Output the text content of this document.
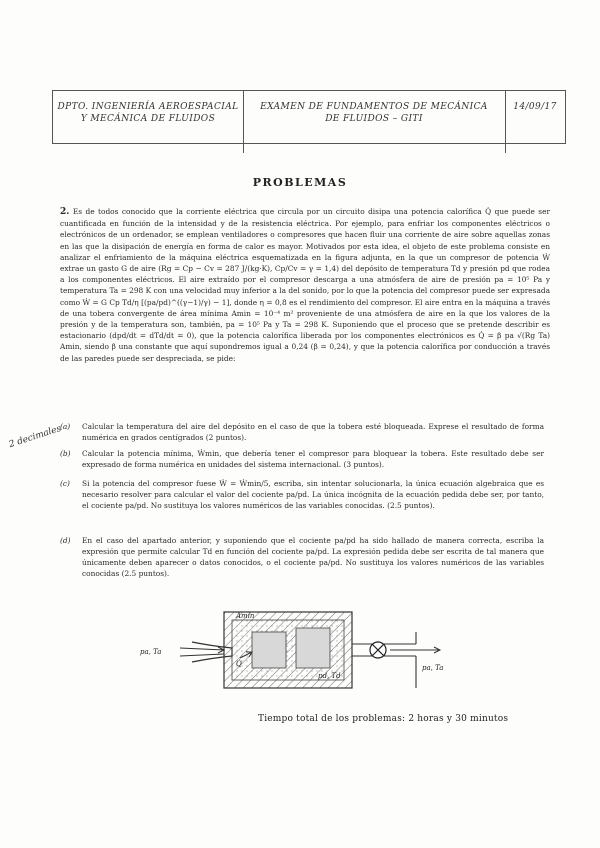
DPTO. INGENIERÍA AEROESPACIAL
Y MECÁNICA DE FLUIDOS
EXAMEN DE FUNDAMENTOS DE MECÁNICA
DE FLUIDOS – GITI
14/09/17
PROBLEMAS
2. Es de todos conocido que la corriente eléctrica que circula por un circuito disipa una potencia calorífica Q̇ que puede ser cuantificada en función de la intensidad y de la resistencia eléctrica. Por ejemplo, para enfriar los componentes eléctricos o electrónicos de un ordenador, se emplean ventiladores o compresores que hacen fluir una corriente de aire sobre aquellas zonas en las que la disipación de energía en forma de calor es mayor. Motivados por esta idea, el objeto de este problema consiste en analizar el enfriamiento de la máquina eléctrica esquematizada en la figura adjunta, en la que un compresor de potencia Ẇ extrae un gasto G de aire (Rg = Cp − Cv = 287 J/(kg·K), Cp/Cv = γ = 1,4) del depósito de temperatura Td y presión pd que rodea a los componentes eléctricos. El aire extraído por el compresor descarga a una atmósfera de aire de presión pa = 10⁵ Pa y temperatura Ta = 298 K con una velocidad muy inferior a la del sonido, por lo que la potencia del compresor puede ser expresada como Ẇ = G Cp Td/η [(pa/pd)^((γ−1)/γ) − 1], donde η = 0,8 es el rendimiento del compresor. El aire entra en la máquina a través de una tobera convergente de área mínima Amin = 10⁻⁴ m² proveniente de una atmósfera de aire en la que los valores de la presión y de la temperatura son, también, pa = 10⁵ Pa y Ta = 298 K. Suponiendo que el proceso que se pretende describir es estacionario (dpd/dt = dTd/dt = 0), que la potencia calorífica liberada por los componentes electrónicos es Q̇ = β pa √(Rg Ta) Amin, siendo β una constante que aquí supondremos igual a 0,24 (β = 0,24), y que la potencia calorífica por conducción a través de las paredes puede ser despreciada, se pide:
2 decimales
(a)	Calcular la temperatura del aire del depósito en el caso de que la tobera esté bloqueada. Exprese el resultado de forma numérica en grados centígrados (2 puntos).
(b)	Calcular la potencia mínima, Ẇmin, que debería tener el compresor para bloquear la tobera. Este resultado debe ser expresado de forma numérica en unidades del sistema internacional. (3 puntos).
(c)	Si la potencia del compresor fuese Ẇ = Ẇmin/5, escriba, sin intentar solucionarla, la única ecuación algebraica que es necesario resolver para calcular el valor del cociente pa/pd. La única incógnita de la ecuación pedida debe ser, por tanto, el cociente pa/pd. No sustituya los valores numéricos de las variables conocidas. (2.5 puntos).
(d)	En el caso del apartado anterior, y suponiendo que el cociente pa/pd ha sido hallado de manera correcta, escriba la expresión que permite calcular Td en función del cociente pa/pd. La expresión pedida debe ser escrita de tal manera que únicamente deben aparecer o datos conocidos, o el cociente pa/pd. No sustituya los valores numéricos de las variables conocidas (2.5 puntos).
Amin
pa, Ta
pd, Td
Q̇	pa, Ta
Tiempo total de los problemas: 2 horas y 30 minutos
